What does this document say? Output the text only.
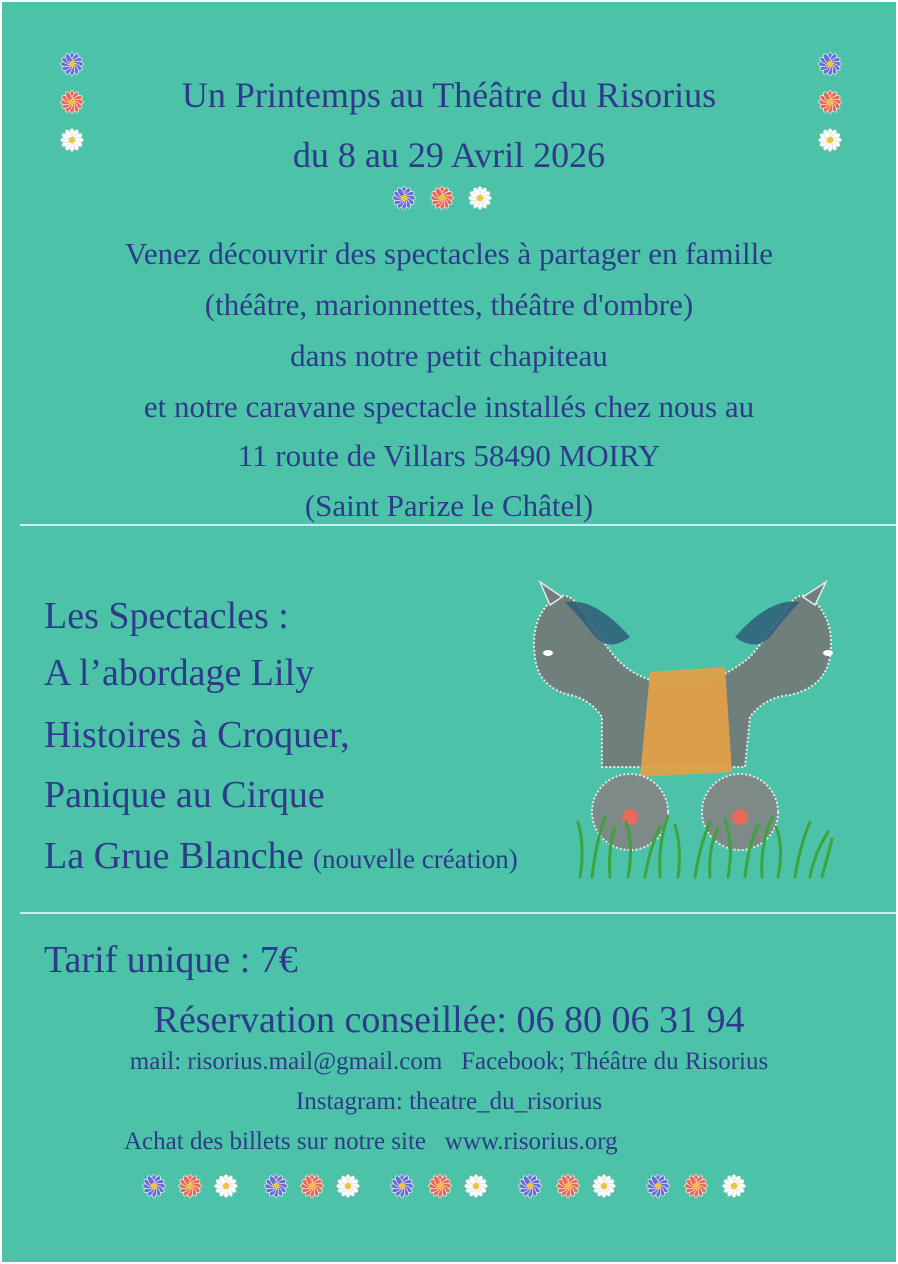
Un Printemps au Théâtre du Risorius
du 8 au 29 Avril 2026
Venez découvrir des spectacles à partager en famille
(théâtre, marionnettes, théâtre d'ombre)
dans notre petit chapiteau
et notre caravane spectacle installés chez nous au
11 route de Villars 58490 MOIRY
(Saint Parize le Châtel)
Les Spectacles :
A l’abordage Lily
Histoires à Croquer,
Panique au Cirque
La Grue Blanche (nouvelle création)
Tarif unique : 7€
Réservation conseillée: 06 80 06 31 94
mail: risorius.mail@gmail.com   Facebook; Théâtre du Risorius
Instagram: theatre_du_risorius
Achat des billets sur notre site   www.risorius.org
